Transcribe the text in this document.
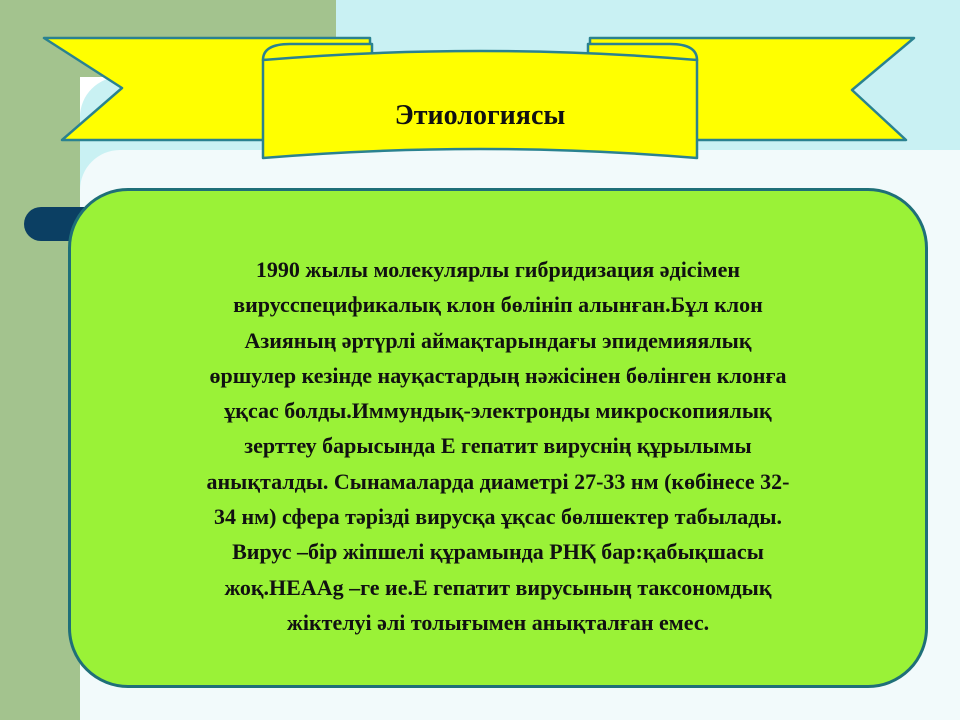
Этиологиясы

1990 жылы молекулярлы гибридизация әдісімен
вирусспецификалық клон бөлініп алынған.Бұл клон
Азияның әртүрлі аймақтарындағы эпидемияялық
өршулер кезінде науқастардың нәжісінен бөлінген клонға
ұқсас болды.Иммундық-электронды микроскопиялық
зерттеу барысында Е гепатит вируснің құрылымы
анықталды. Сынамаларда диаметрі 27-33 нм (көбінесе 32-
34 нм) сфера тәрізді вирусқа ұқсас бөлшектер табылады.
Вирус –бір жіпшелі құрамында РНҚ бар:қабықшасы
жоқ.НЕААg –ге ие.Е гепатит вирусының таксономдық
жіктелуі әлі толығымен анықталған емес.
